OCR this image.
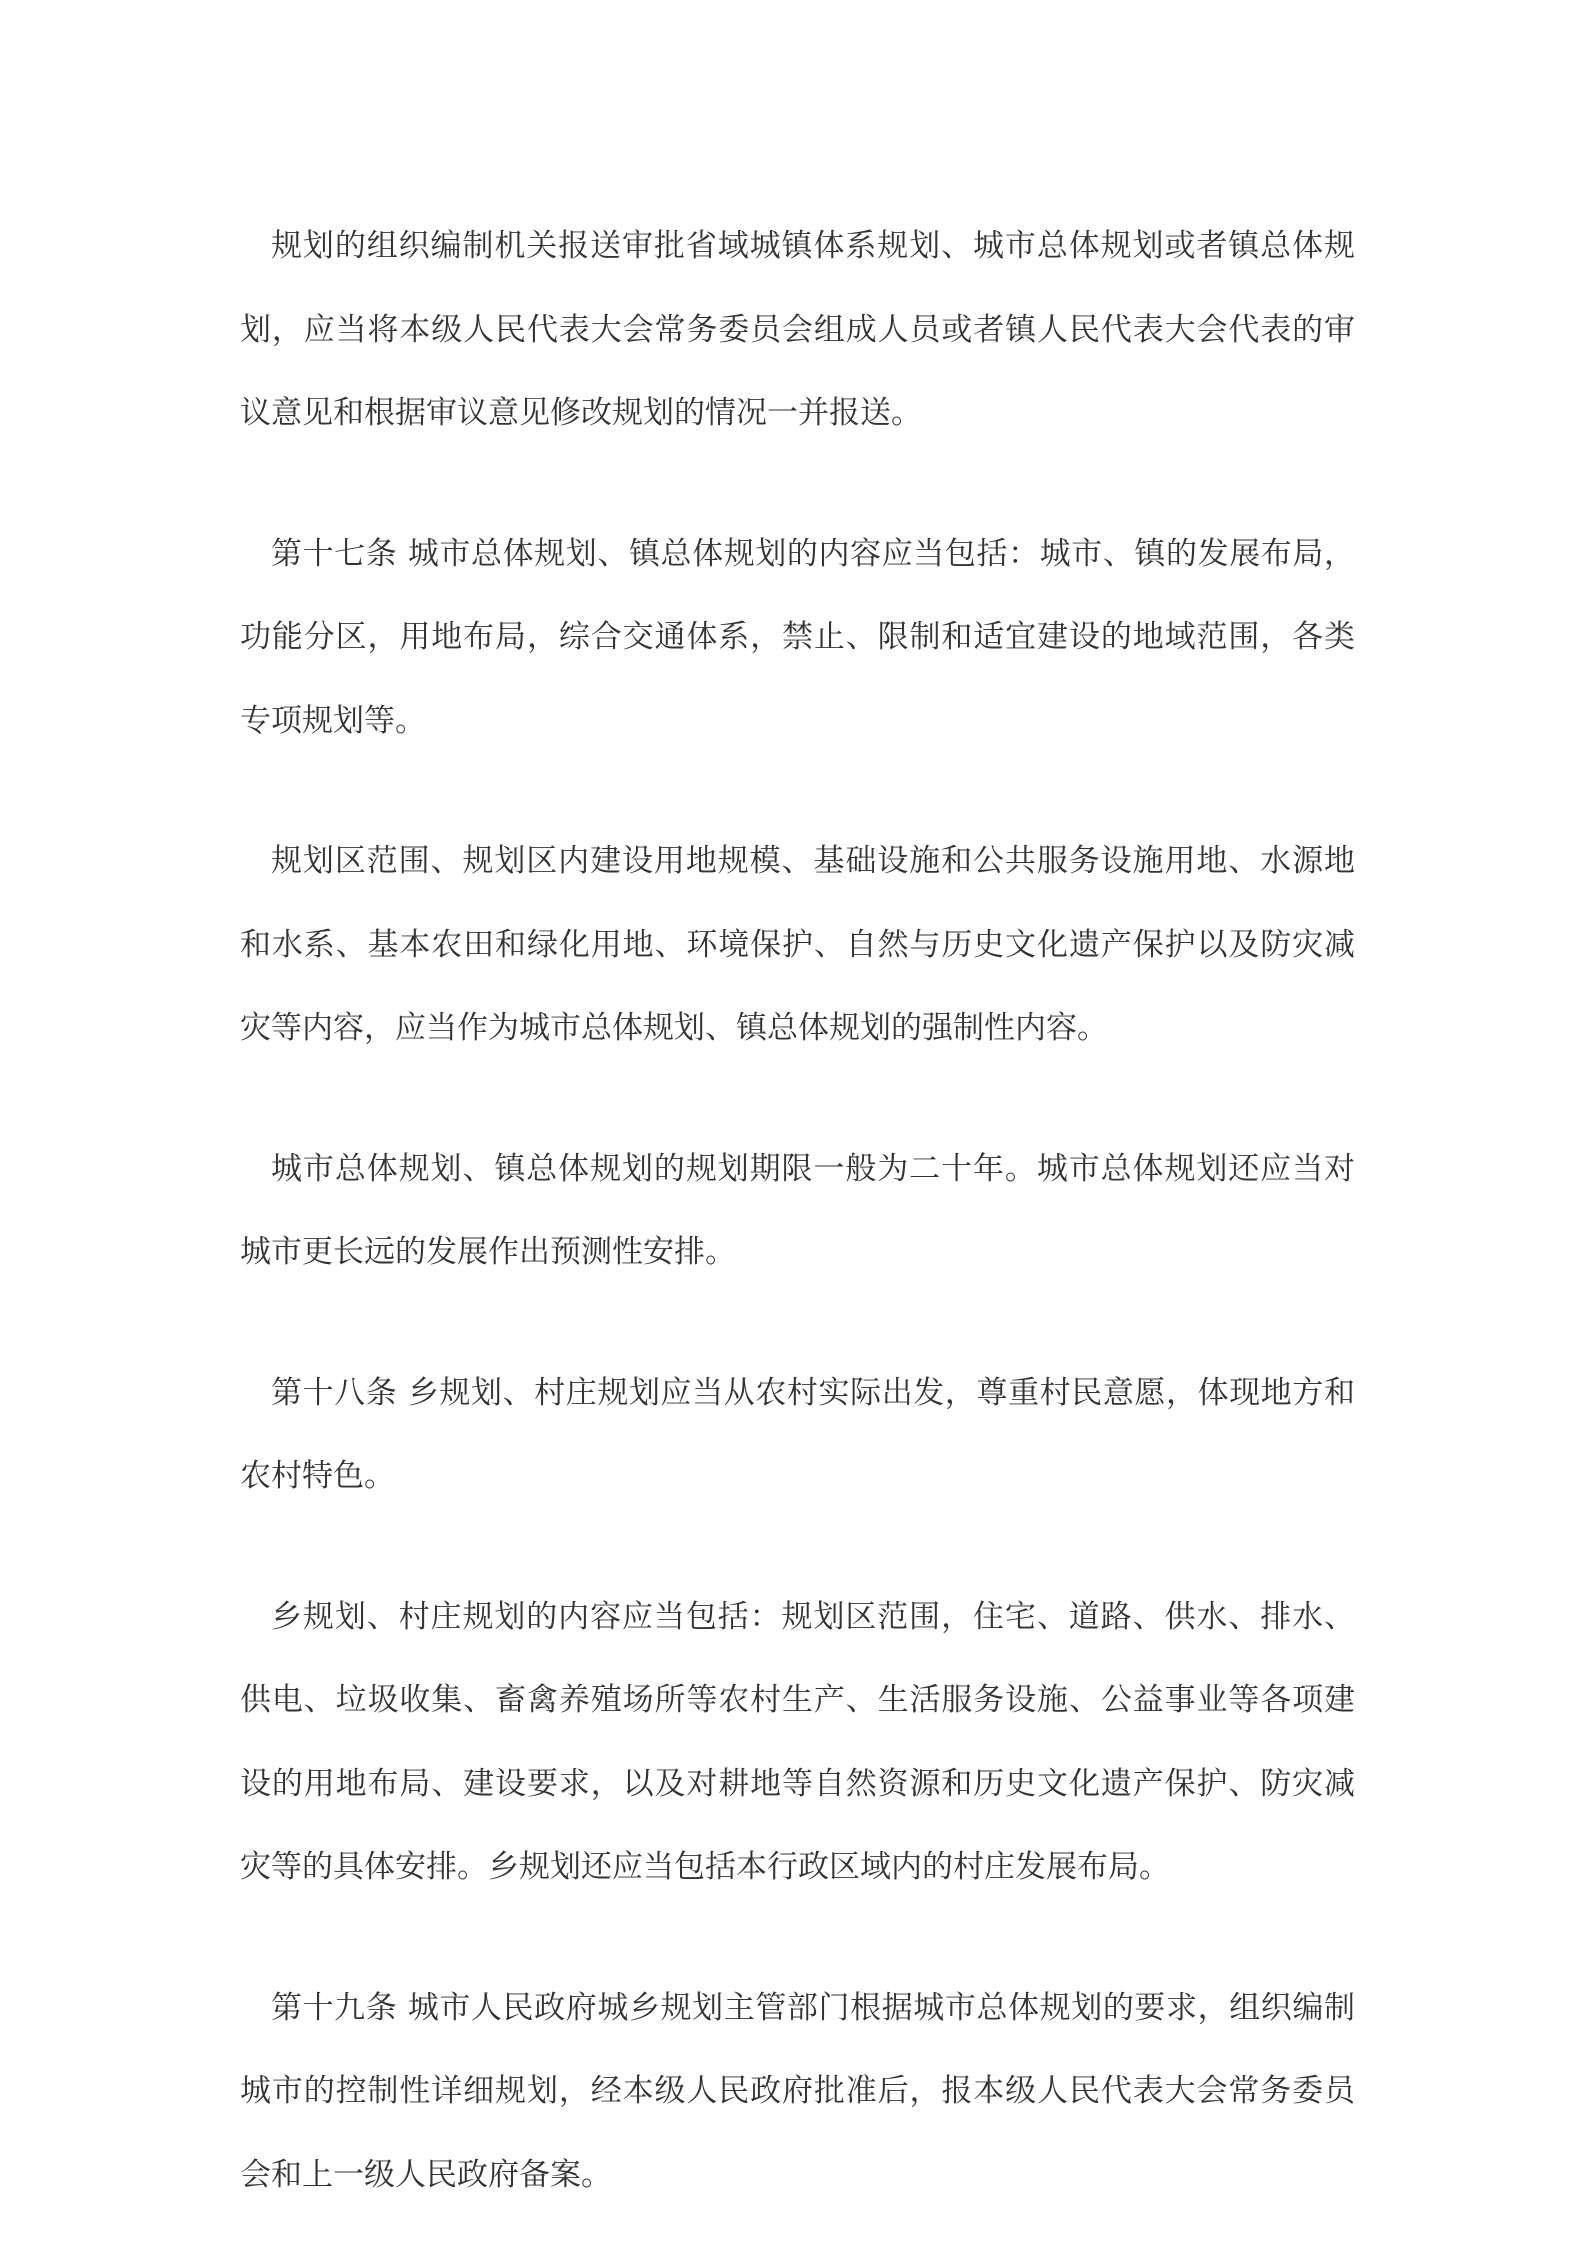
规划的组织编制机关报送审批省域城镇体系规划、城市总体规划或者镇总体规划，应当将本级人民代表大会常务委员会组成人员或者镇人民代表大会代表的审议意见和根据审议意见修改规划的情况一并报送。

第十七条 城市总体规划、镇总体规划的内容应当包括：城市、镇的发展布局，功能分区，用地布局，综合交通体系，禁止、限制和适宜建设的地域范围，各类专项规划等。

规划区范围、规划区内建设用地规模、基础设施和公共服务设施用地、水源地和水系、基本农田和绿化用地、环境保护、自然与历史文化遗产保护以及防灾减灾等内容，应当作为城市总体规划、镇总体规划的强制性内容。

城市总体规划、镇总体规划的规划期限一般为二十年。城市总体规划还应当对城市更长远的发展作出预测性安排。

第十八条 乡规划、村庄规划应当从农村实际出发，尊重村民意愿，体现地方和农村特色。

乡规划、村庄规划的内容应当包括：规划区范围，住宅、道路、供水、排水、供电、垃圾收集、畜禽养殖场所等农村生产、生活服务设施、公益事业等各项建设的用地布局、建设要求，以及对耕地等自然资源和历史文化遗产保护、防灾减灾等的具体安排。乡规划还应当包括本行政区域内的村庄发展布局。

第十九条 城市人民政府城乡规划主管部门根据城市总体规划的要求，组织编制城市的控制性详细规划，经本级人民政府批准后，报本级人民代表大会常务委员会和上一级人民政府备案。
